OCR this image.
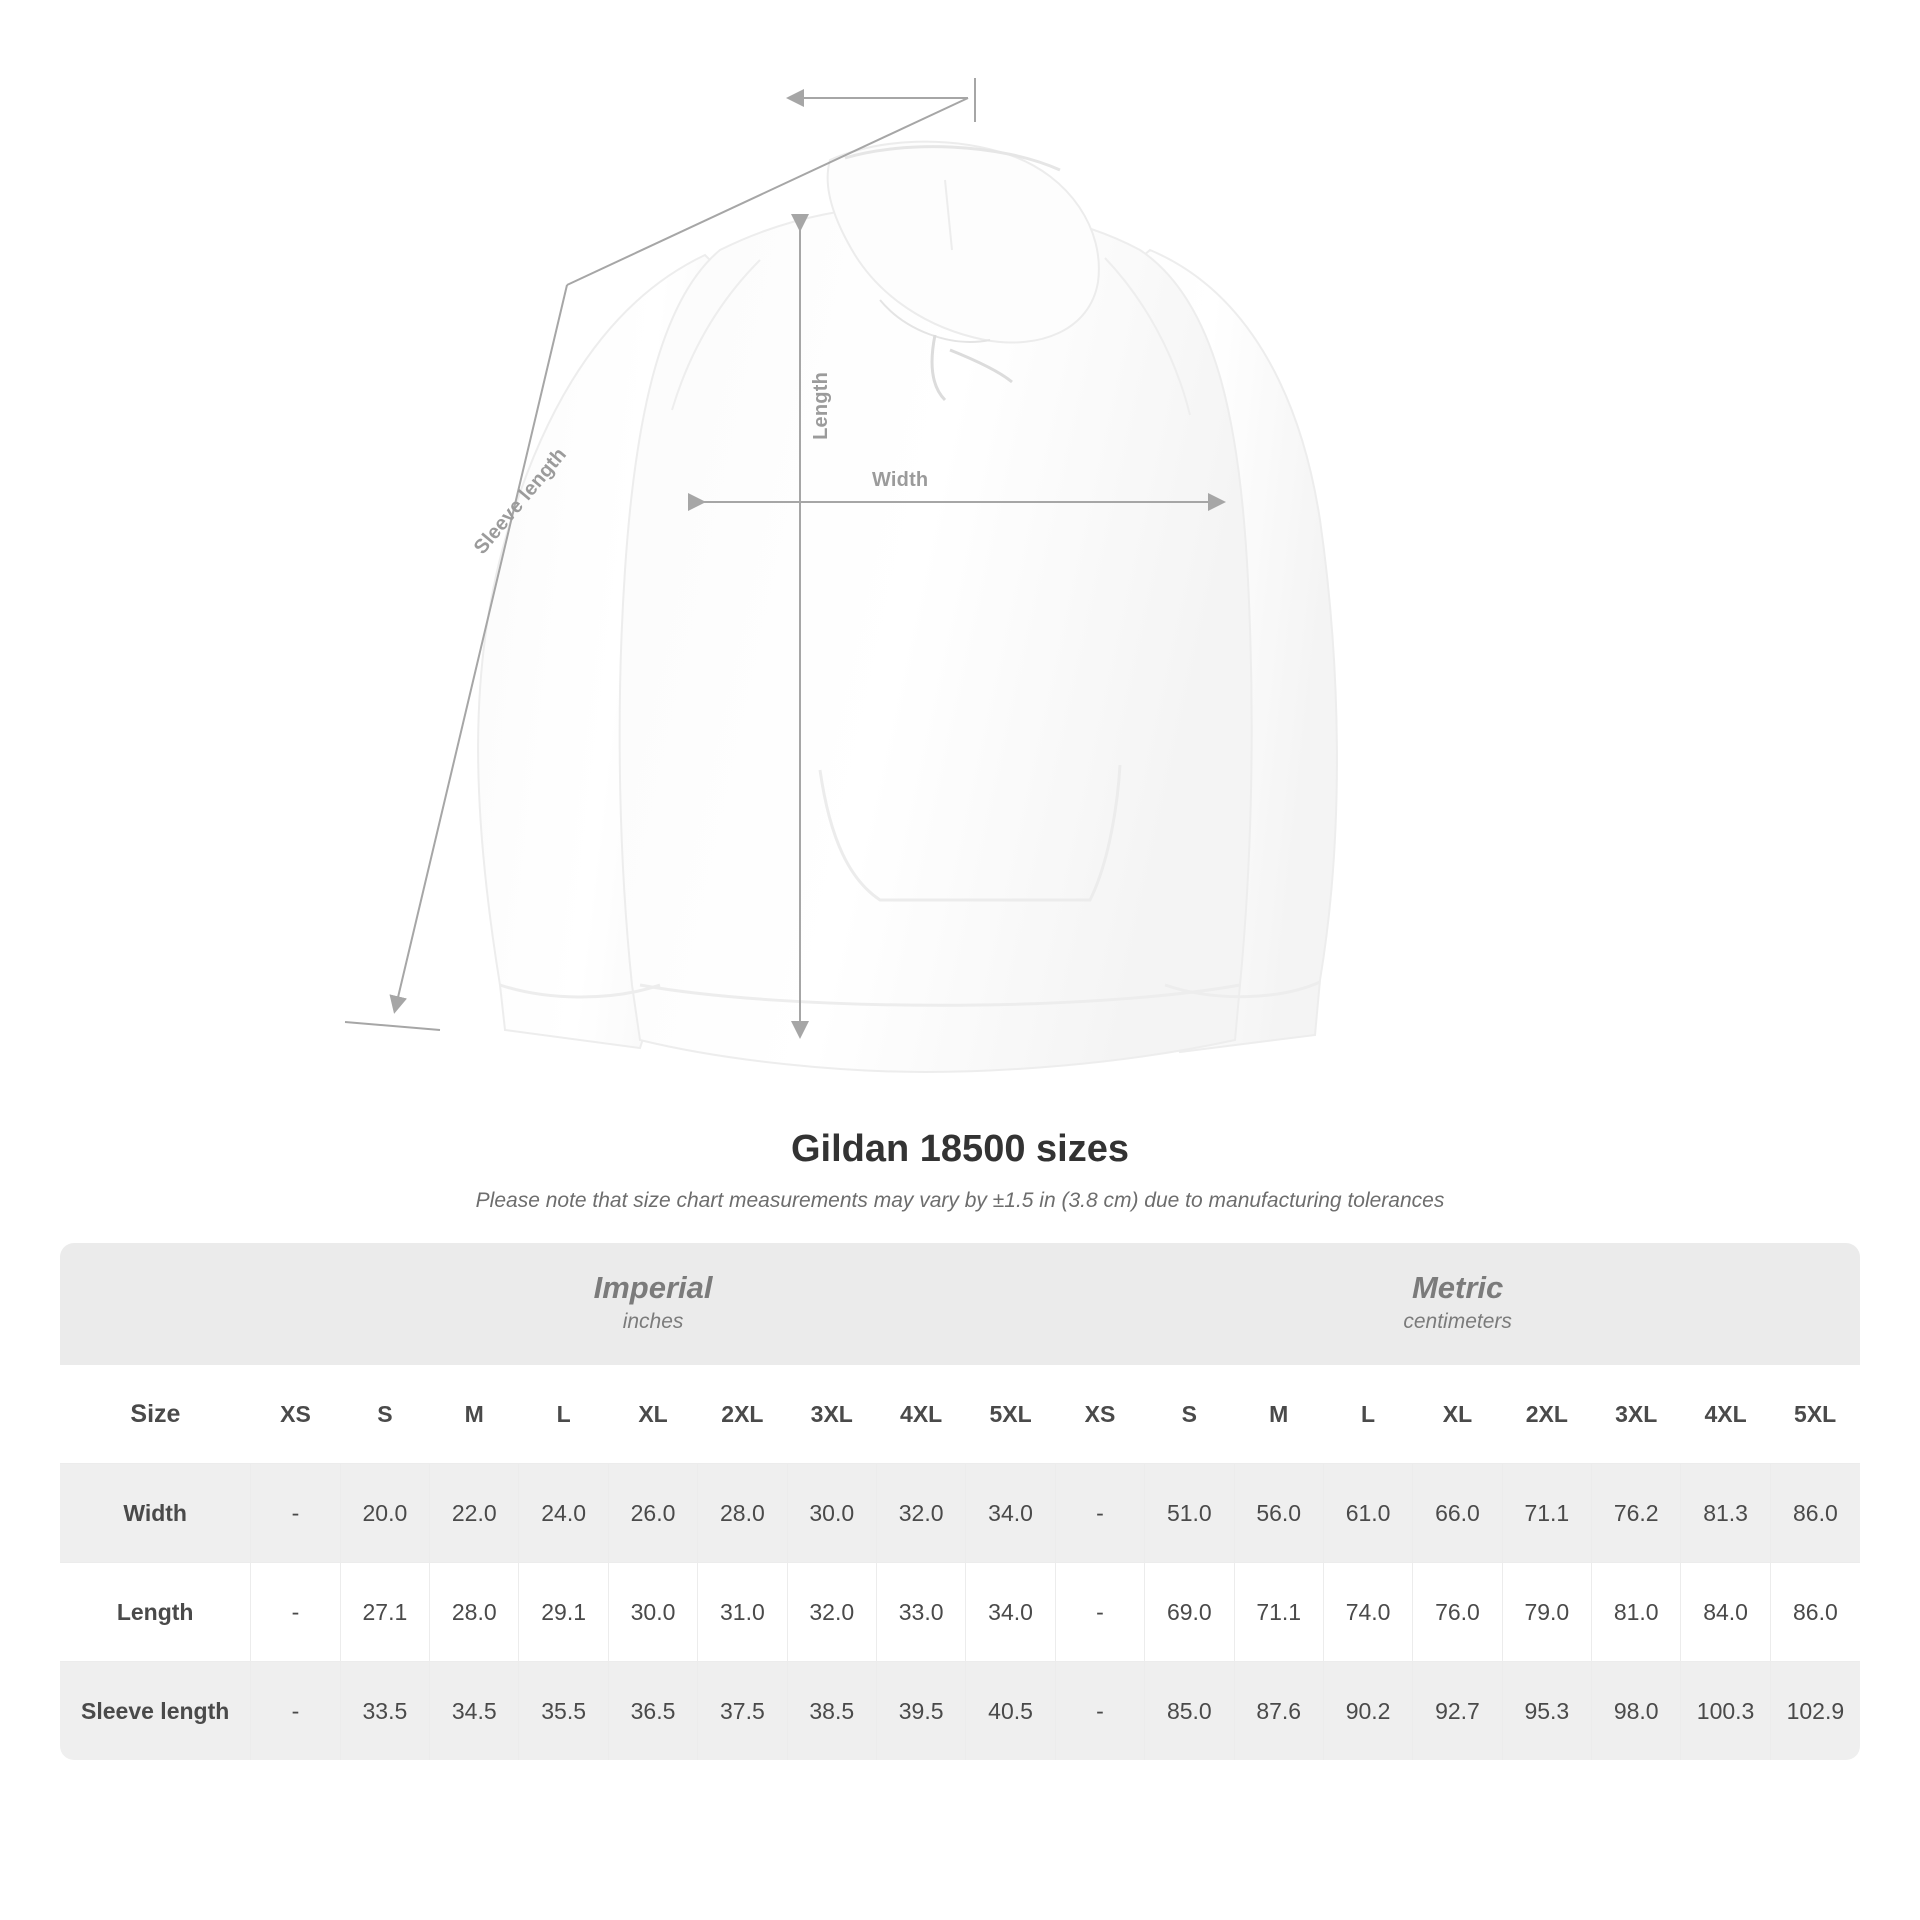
Length
Width
Sleeve length
Gildan 18500 sizes

Please note that size chart measurements may vary by ±1.5 in (3.8 cm) due to manufacturing tolerances

Imperial
inches

Metric
centimeters

Size	XS	S	M	L	XL	2XL	3XL	4XL	5XL	XS	S	M	L	XL	2XL	3XL	4XL	5XL
Width	-	20.0	22.0	24.0	26.0	28.0	30.0	32.0	34.0	-	51.0	56.0	61.0	66.0	71.1	76.2	81.3	86.0
Length	-	27.1	28.0	29.1	30.0	31.0	32.0	33.0	34.0	-	69.0	71.1	74.0	76.0	79.0	81.0	84.0	86.0
Sleeve length	-	33.5	34.5	35.5	36.5	37.5	38.5	39.5	40.5	-	85.0	87.6	90.2	92.7	95.3	98.0	100.3	102.9
